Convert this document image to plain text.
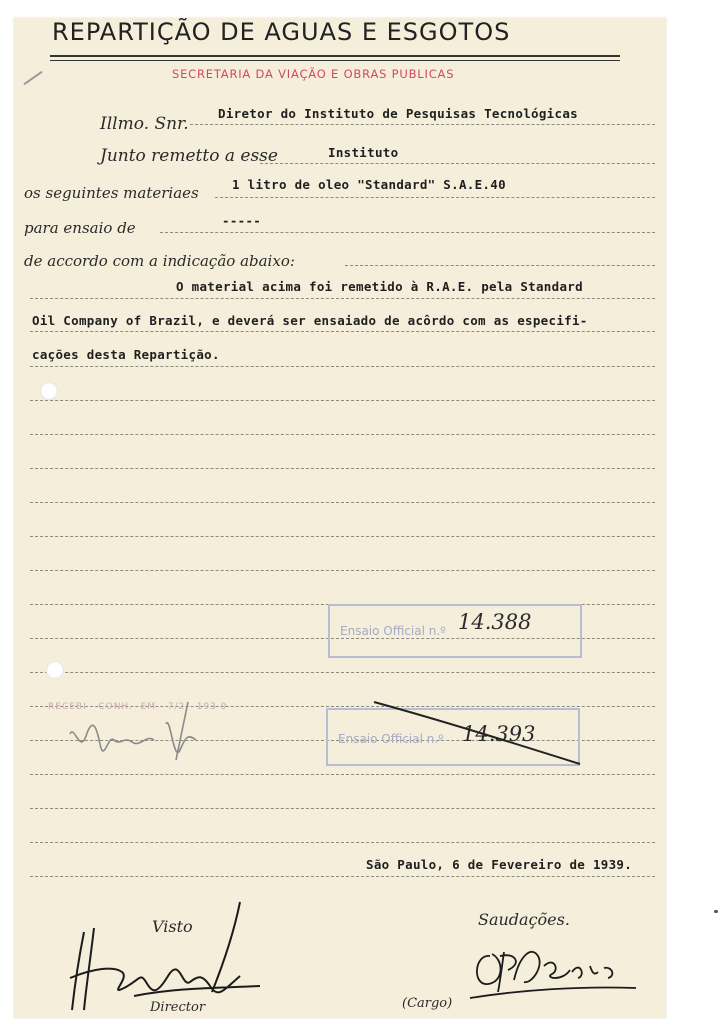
REPARTIÇÃO DE AGUAS E ESGOTOS
SECRETARIA DA VIAÇÃO E OBRAS PUBLICAS
Illmo. Snr.
Diretor do Instituto de Pesquisas Tecnológicas
Junto remetto a esse	Instituto
os seguintes materiaes	1 litro de oleo "Standard" S.A.E.40
para ensaio de	-----
de accordo com a indicação abaixo:
O material acima foi remetido à R.A.E. pela Standard
Oil Company of Brazil, e deverá ser ensaiado de acôrdo com as especifi-
cações desta Repartição.
Ensaio Official n.º 14.388
RECEBI   CONH.  EM   7/2   193 9
Ensaio Official n.º 14.393
São Paulo, 6 de Fevereiro de 1939.
Visto	Saudações.
Director	(Cargo)
